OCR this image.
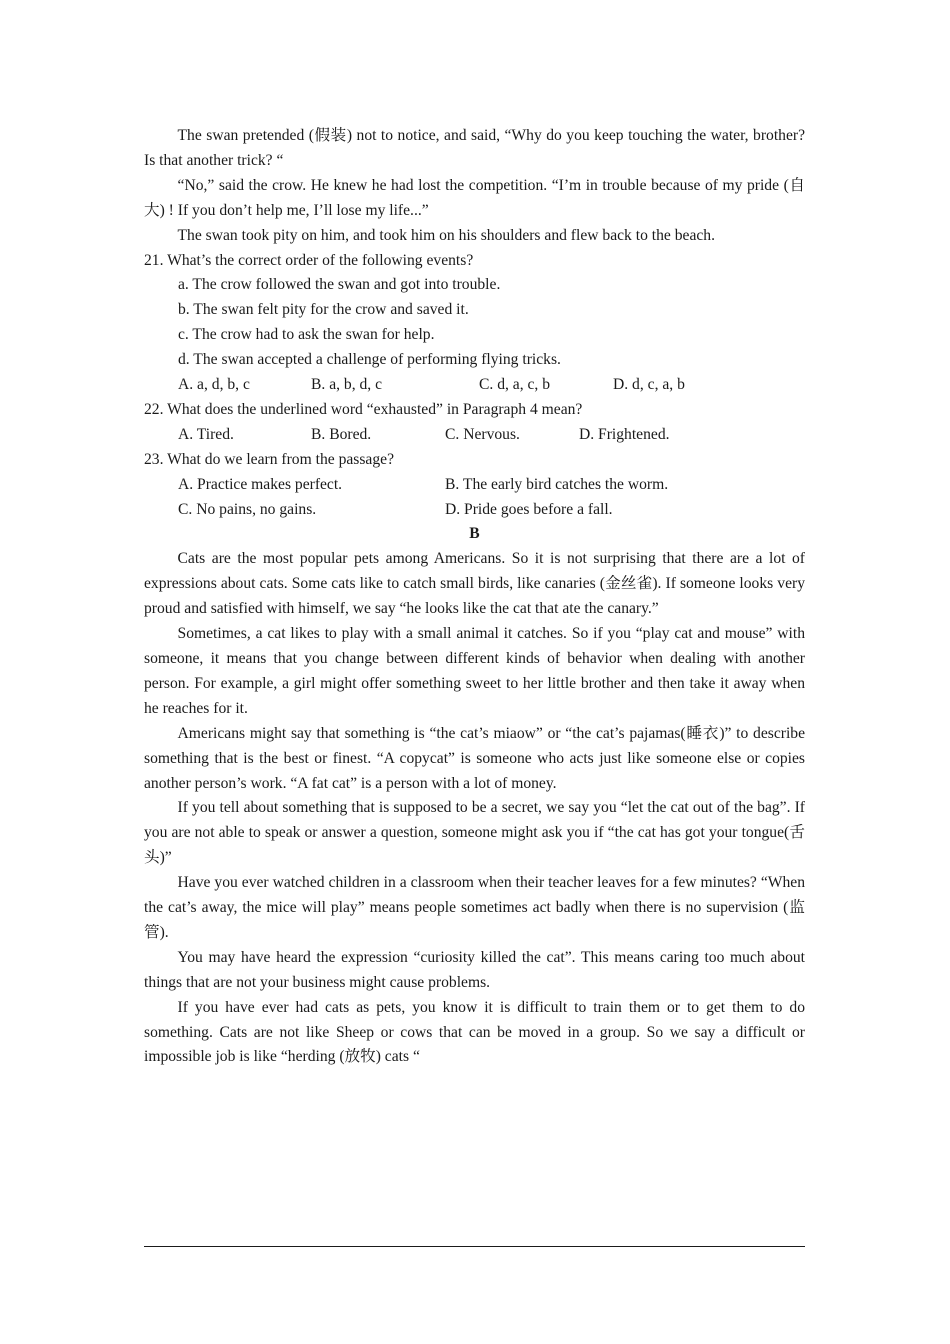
The swan pretended (假装) not to notice, and said, “Why do you keep touching the water, brother? Is that another trick? “

“No,” said the crow. He knew he had lost the competition. “I’m in trouble because of my pride (自大) ! If you don’t help me, I’ll lose my life...”

The swan took pity on him, and took him on his shoulders and flew back to the beach.

21. What’s the correct order of the following events?

a. The crow followed the swan and got into trouble.

b. The swan felt pity for the crow and saved it.

c. The crow had to ask the swan for help.

d. The swan accepted a challenge of performing flying tricks.

A. a, d, b, c	B. a, b, d, c	C. d, a, c, b	D. d, c, a, b

22. What does the underlined word “exhausted” in Paragraph 4 mean?

A. Tired.	B. Bored.	C. Nervous.	D. Frightened.

23. What do we learn from the passage?

A. Practice makes perfect.	B. The early bird catches the worm.
C. No pains, no gains.	D. Pride goes before a fall.

B

Cats are the most popular pets among Americans. So it is not surprising that there are a lot of expressions about cats. Some cats like to catch small birds, like canaries (金丝雀). If someone looks very proud and satisfied with himself, we say “he looks like the cat that ate the canary.”

Sometimes, a cat likes to play with a small animal it catches. So if you “play cat and mouse” with someone, it means that you change between different kinds of behavior when dealing with another person. For example, a girl might offer something sweet to her little brother and then take it away when he reaches for it.

Americans might say that something is “the cat’s miaow” or “the cat’s pajamas(睡衣)” to describe something that is the best or finest. “A copycat” is someone who acts just like someone else or copies another person’s work. “A fat cat” is a person with a lot of money.

If you tell about something that is supposed to be a secret, we say you “let the cat out of the bag”. If you are not able to speak or answer a question, someone might ask you if “the cat has got your tongue(舌头)”

Have you ever watched children in a classroom when their teacher leaves for a few minutes? “When the cat’s away, the mice will play” means people sometimes act badly when there is no supervision (监管).

You may have heard the expression “curiosity killed the cat”. This means caring too much about things that are not your business might cause problems.

If you have ever had cats as pets, you know it is difficult to train them or to get them to do something. Cats are not like Sheep or cows that can be moved in a group. So we say a difficult or impossible job is like “herding (放牧) cats “
